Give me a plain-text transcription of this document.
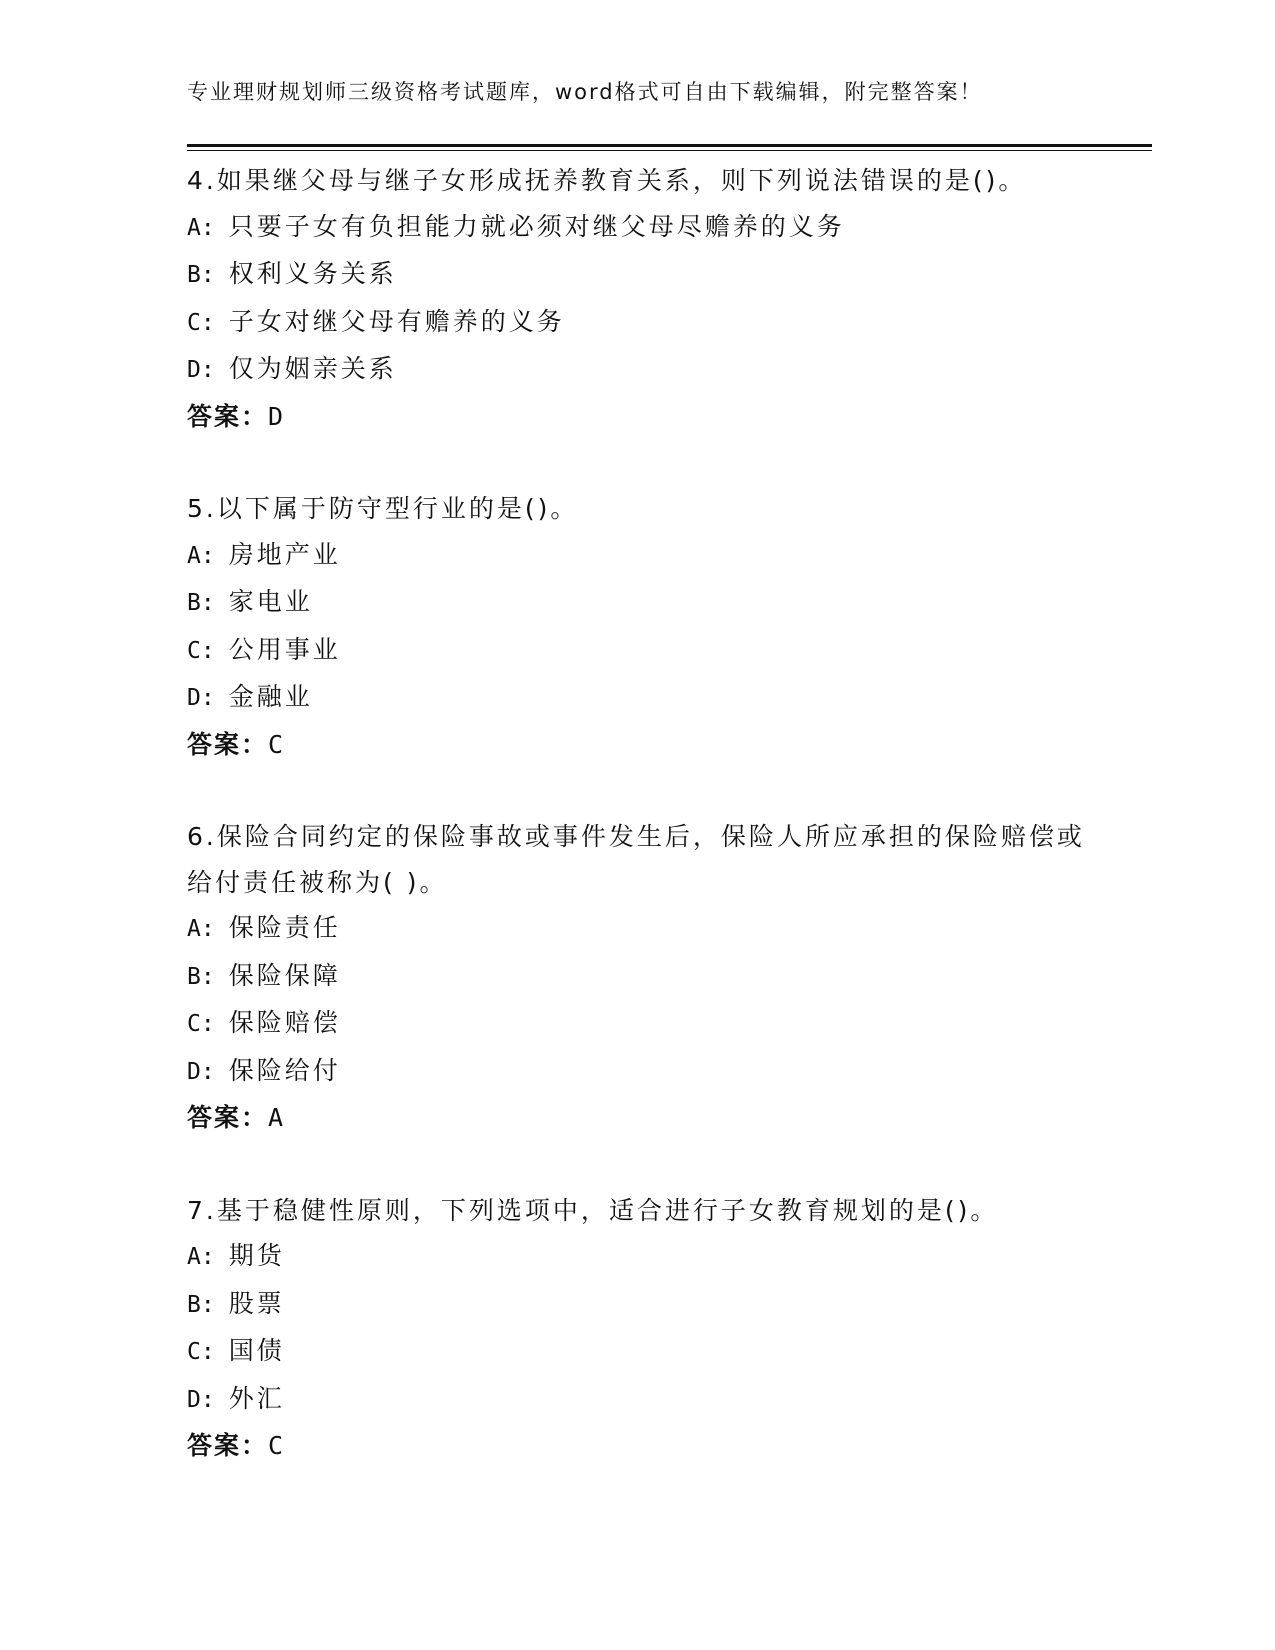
专业理财规划师三级资格考试题库，word格式可自由下载编辑，附完整答案！
4.如果继父母与继子女形成抚养教育关系，则下列说法错误的是()。
A: 只要子女有负担能力就必须对继父母尽赡养的义务
B: 权利义务关系
C: 子女对继父母有赡养的义务
D: 仅为姻亲关系
答案：D
5.以下属于防守型行业的是()。
A: 房地产业
B: 家电业
C: 公用事业
D: 金融业
答案：C
6.保险合同约定的保险事故或事件发生后，保险人所应承担的保险赔偿或给付责任被称为( )。
A: 保险责任
B: 保险保障
C: 保险赔偿
D: 保险给付
答案：A
7.基于稳健性原则，下列选项中，适合进行子女教育规划的是()。
A: 期货
B: 股票
C: 国债
D: 外汇
答案：C
